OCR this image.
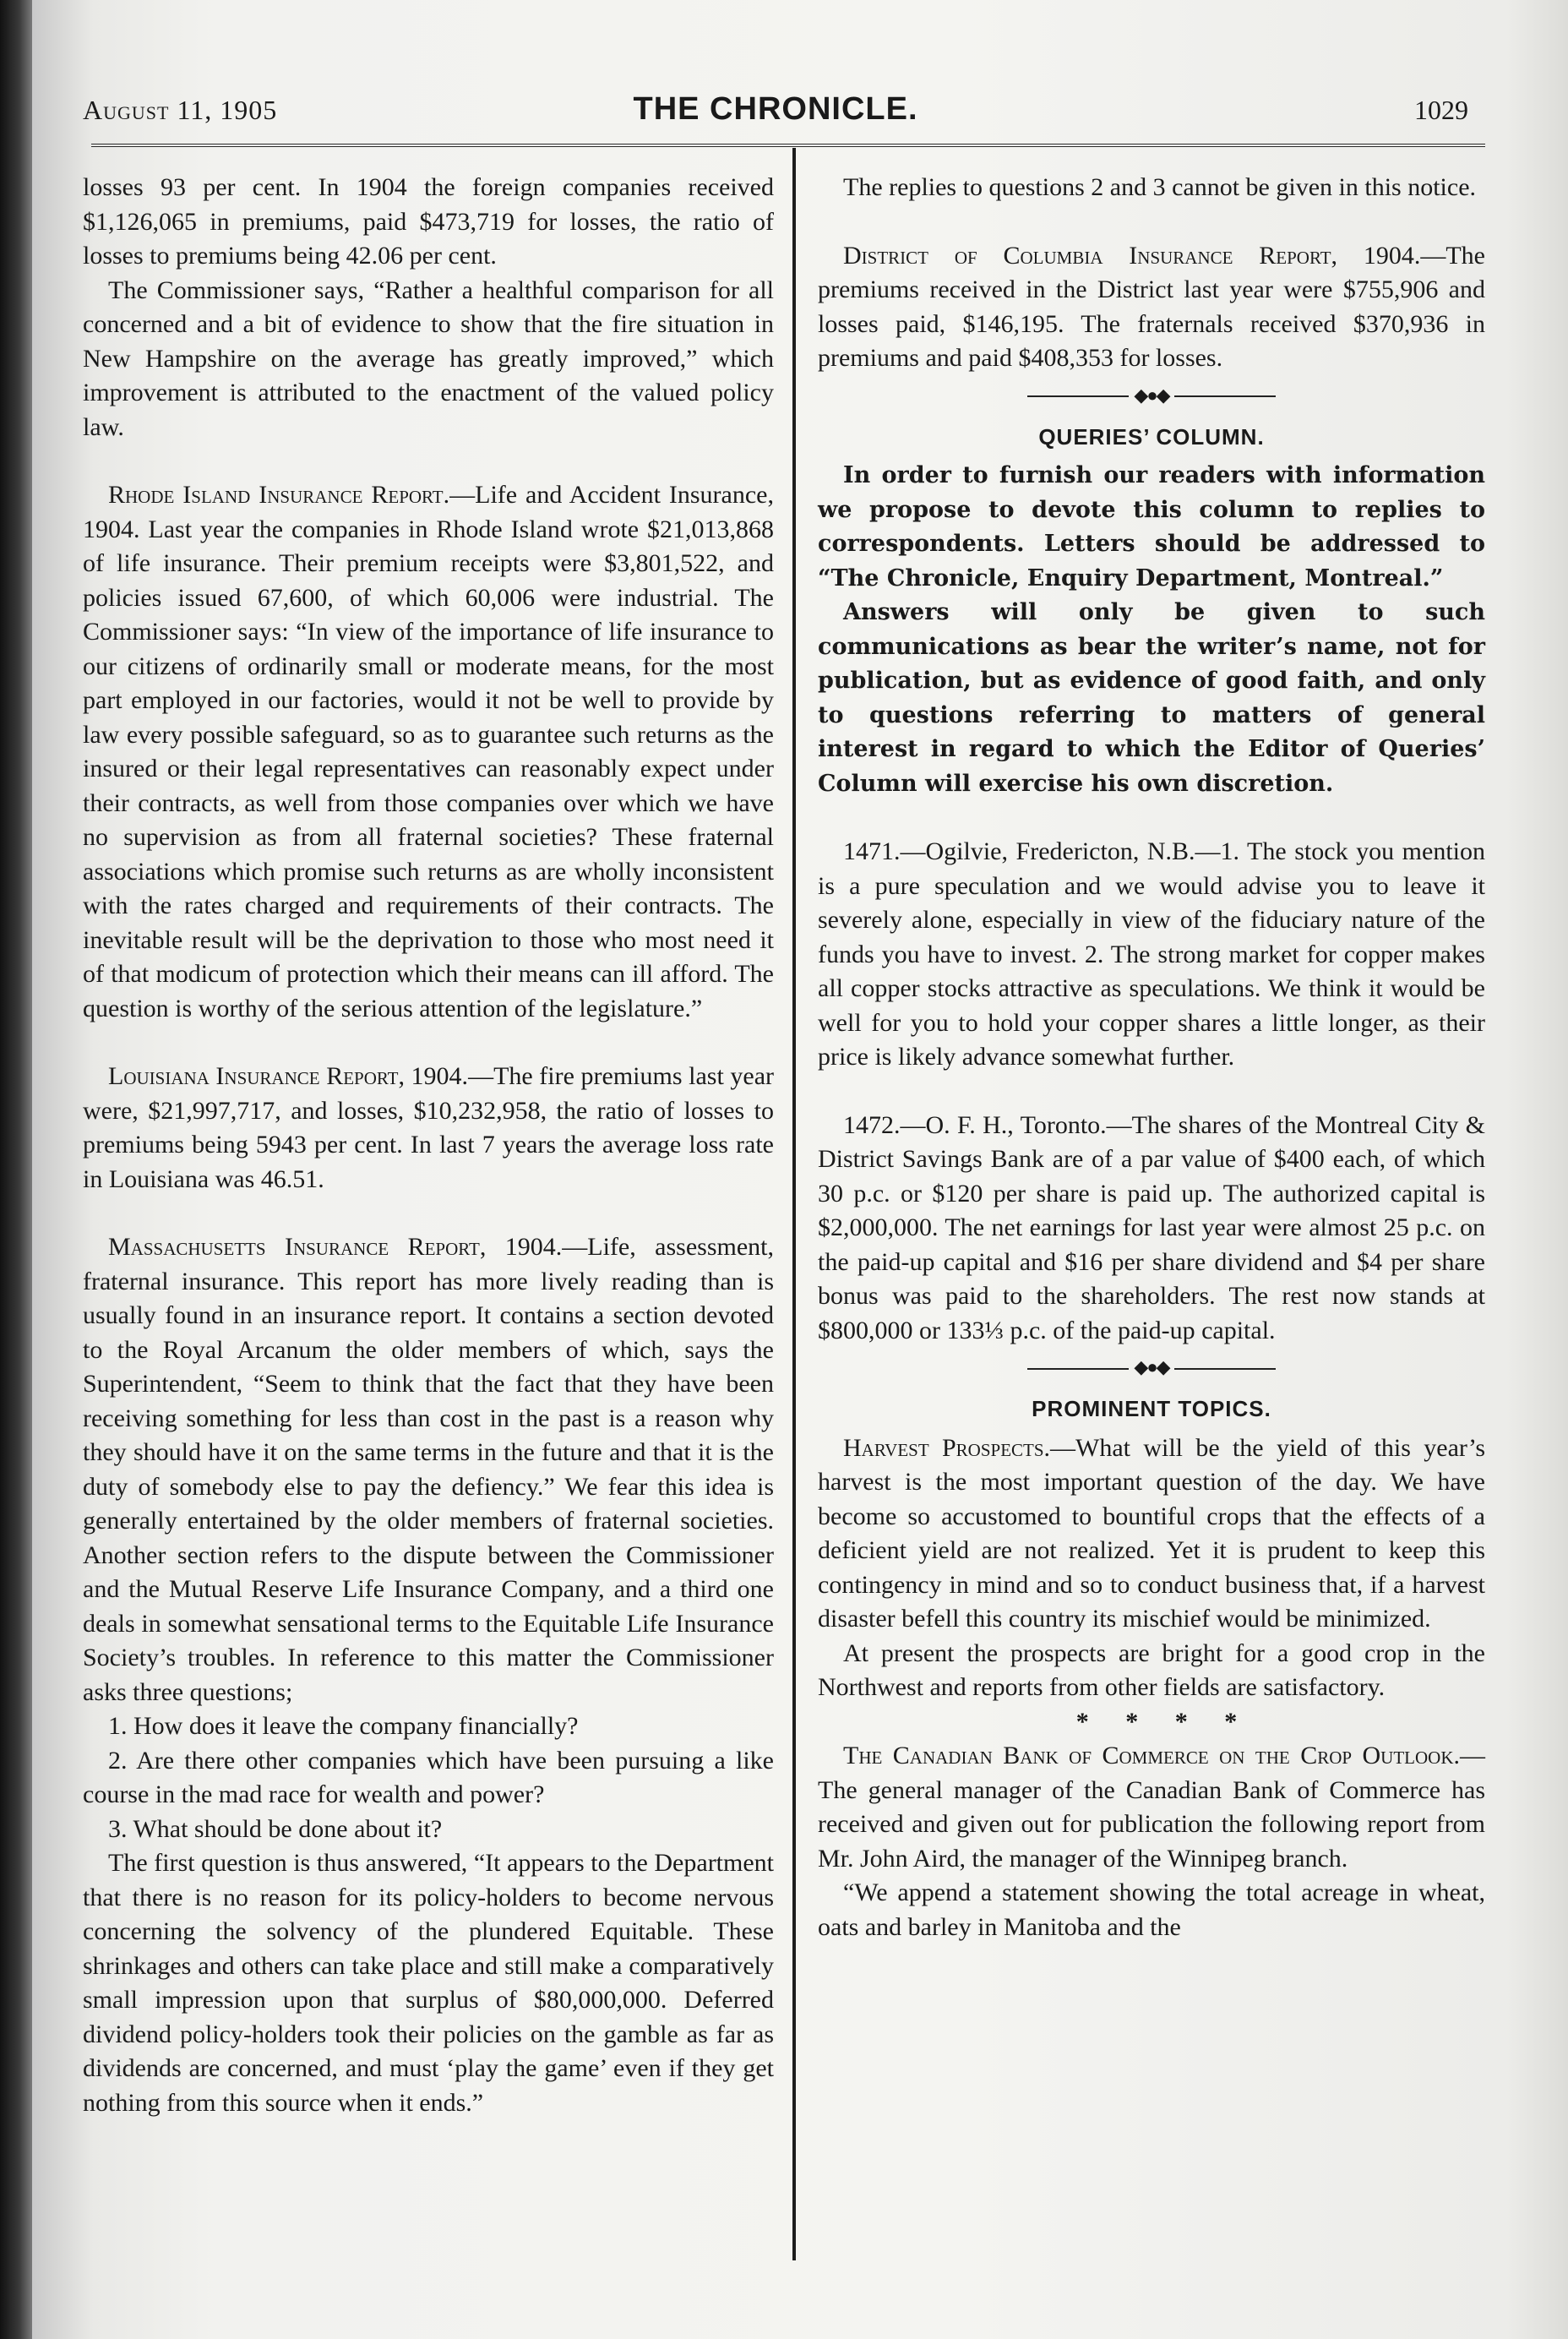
August 11, 1905	THE CHRONICLE.	1029

losses 93 per cent. In 1904 the foreign companies received $1,126,065 in premiums, paid $473,719 for losses, the ratio of losses to premiums being 42.06 per cent.

The Commissioner says, “Rather a healthful comparison for all concerned and a bit of evidence to show that the fire situation in New Hampshire on the average has greatly improved,” which improvement is attributed to the enactment of the valued policy law.

Rhode Island Insurance Report.—Life and Accident Insurance, 1904. Last year the companies in Rhode Island wrote $21,013,868 of life insurance. Their premium receipts were $3,801,522, and policies issued 67,600, of which 60,006 were industrial. The Commissioner says: “In view of the importance of life insurance to our citizens of ordinarily small or moderate means, for the most part employed in our factories, would it not be well to provide by law every possible safeguard, so as to guarantee such returns as the insured or their legal representatives can reasonably expect under their contracts, as well from those companies over which we have no supervision as from all fraternal societies? These fraternal associations which promise such returns as are wholly inconsistent with the rates charged and requirements of their contracts. The inevitable result will be the deprivation to those who most need it of that modicum of protection which their means can ill afford. The question is worthy of the serious attention of the legislature.”

Louisiana Insurance Report, 1904.—The fire premiums last year were, $21,997,717, and losses, $10,232,958, the ratio of losses to premiums being 5943 per cent. In last 7 years the average loss rate in Louisiana was 46.51.

Massachusetts Insurance Report, 1904.—Life, assessment, fraternal insurance. This report has more lively reading than is usually found in an insurance report. It contains a section devoted to the Royal Arcanum the older members of which, says the Superintendent, “Seem to think that the fact that they have been receiving something for less than cost in the past is a reason why they should have it on the same terms in the future and that it is the duty of somebody else to pay the defiency.” We fear this idea is generally entertained by the older members of fraternal societies. Another section refers to the dispute between the Commissioner and the Mutual Reserve Life Insurance Company, and a third one deals in somewhat sensational terms to the Equitable Life Insurance Society’s troubles. In reference to this matter the Commissioner asks three questions;

1. How does it leave the company financially?

2. Are there other companies which have been pursuing a like course in the mad race for wealth and power?

3. What should be done about it?

The first question is thus answered, “It appears to the Department that there is no reason for its policy-holders to become nervous concerning the solvency of the plundered Equitable. These shrinkages and others can take place and still make a comparatively small impression upon that surplus of $80,000,000. Deferred dividend policy-holders took their policies on the gamble as far as dividends are concerned, and must ‘play the game’ even if they get nothing from this source when it ends.”

The replies to questions 2 and 3 cannot be given in this notice.

District of Columbia Insurance Report, 1904.—The premiums received in the District last year were $755,906 and losses paid, $146,195. The fraternals received $370,936 in premiums and paid $408,353 for losses.

◆●◆
QUERIES’ COLUMN.

In order to furnish our readers with information we propose to devote this column to replies to correspondents. Letters should be addressed to “The Chronicle, Enquiry Department, Montreal.”

Answers will only be given to such communications as bear the writer’s name, not for publication, but as evidence of good faith, and only to questions referring to matters of general interest in regard to which the Editor of Queries’ Column will exercise his own discretion.

1471.—Ogilvie, Fredericton, N.B.—1. The stock you mention is a pure speculation and we would advise you to leave it severely alone, especially in view of the fiduciary nature of the funds you have to invest. 2. The strong market for copper makes all copper stocks attractive as speculations. We think it would be well for you to hold your copper shares a little longer, as their price is likely advance somewhat further.

1472.—O. F. H., Toronto.—The shares of the Montreal City & District Savings Bank are of a par value of $400 each, of which 30 p.c. or $120 per share is paid up. The authorized capital is $2,000,000. The net earnings for last year were almost 25 p.c. on the paid-up capital and $16 per share dividend and $4 per share bonus was paid to the shareholders. The rest now stands at $800,000 or 133⅓ p.c. of the paid-up capital.

◆●◆
PROMINENT TOPICS.

Harvest Prospects.—What will be the yield of this year’s harvest is the most important question of the day. We have become so accustomed to bountiful crops that the effects of a deficient yield are not realized. Yet it is prudent to keep this contingency in mind and so to conduct business that, if a harvest disaster befell this country its mischief would be minimized.

At present the prospects are bright for a good crop in the Northwest and reports from other fields are satisfactory.

* * * *

The Canadian Bank of Commerce on the Crop Outlook.—The general manager of the Canadian Bank of Commerce has received and given out for publication the following report from Mr. John Aird, the manager of the Winnipeg branch.

“We append a statement showing the total acreage in wheat, oats and barley in Manitoba and the
